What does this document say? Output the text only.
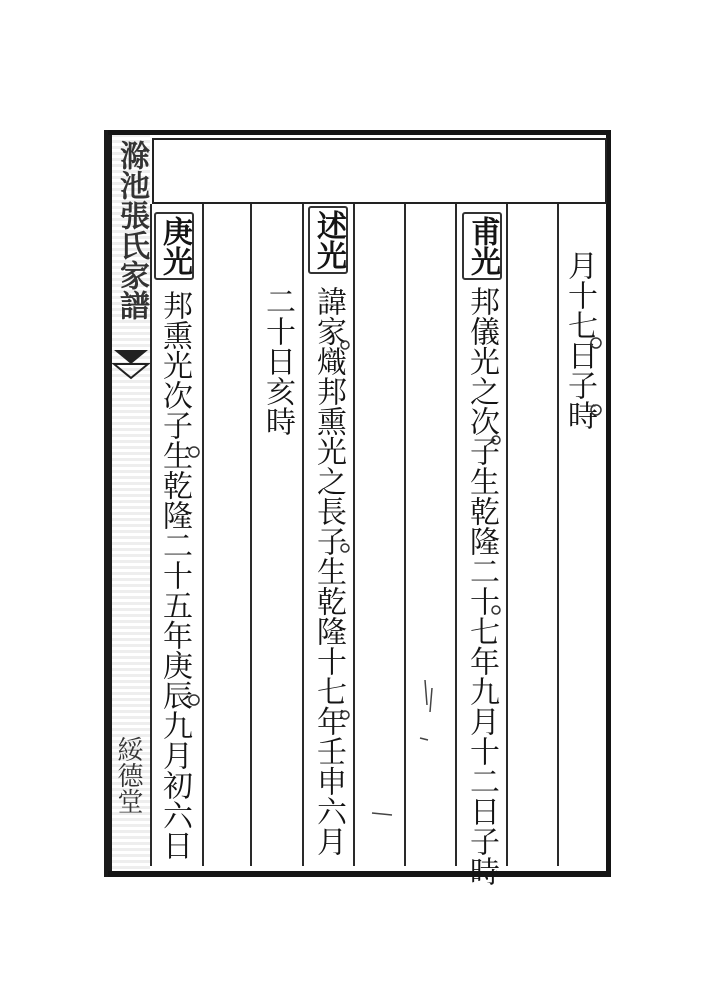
滁池張氏家譜
綏德堂
月十七日子時
甫光
邦儀光之次子生乾隆二十七年九月十二日子時
述光
諱家熾邦熏光之長子生乾隆十七年壬申六月
二十日亥時
庚光
邦熏光次子生乾隆二十五年庚辰九月初六日
